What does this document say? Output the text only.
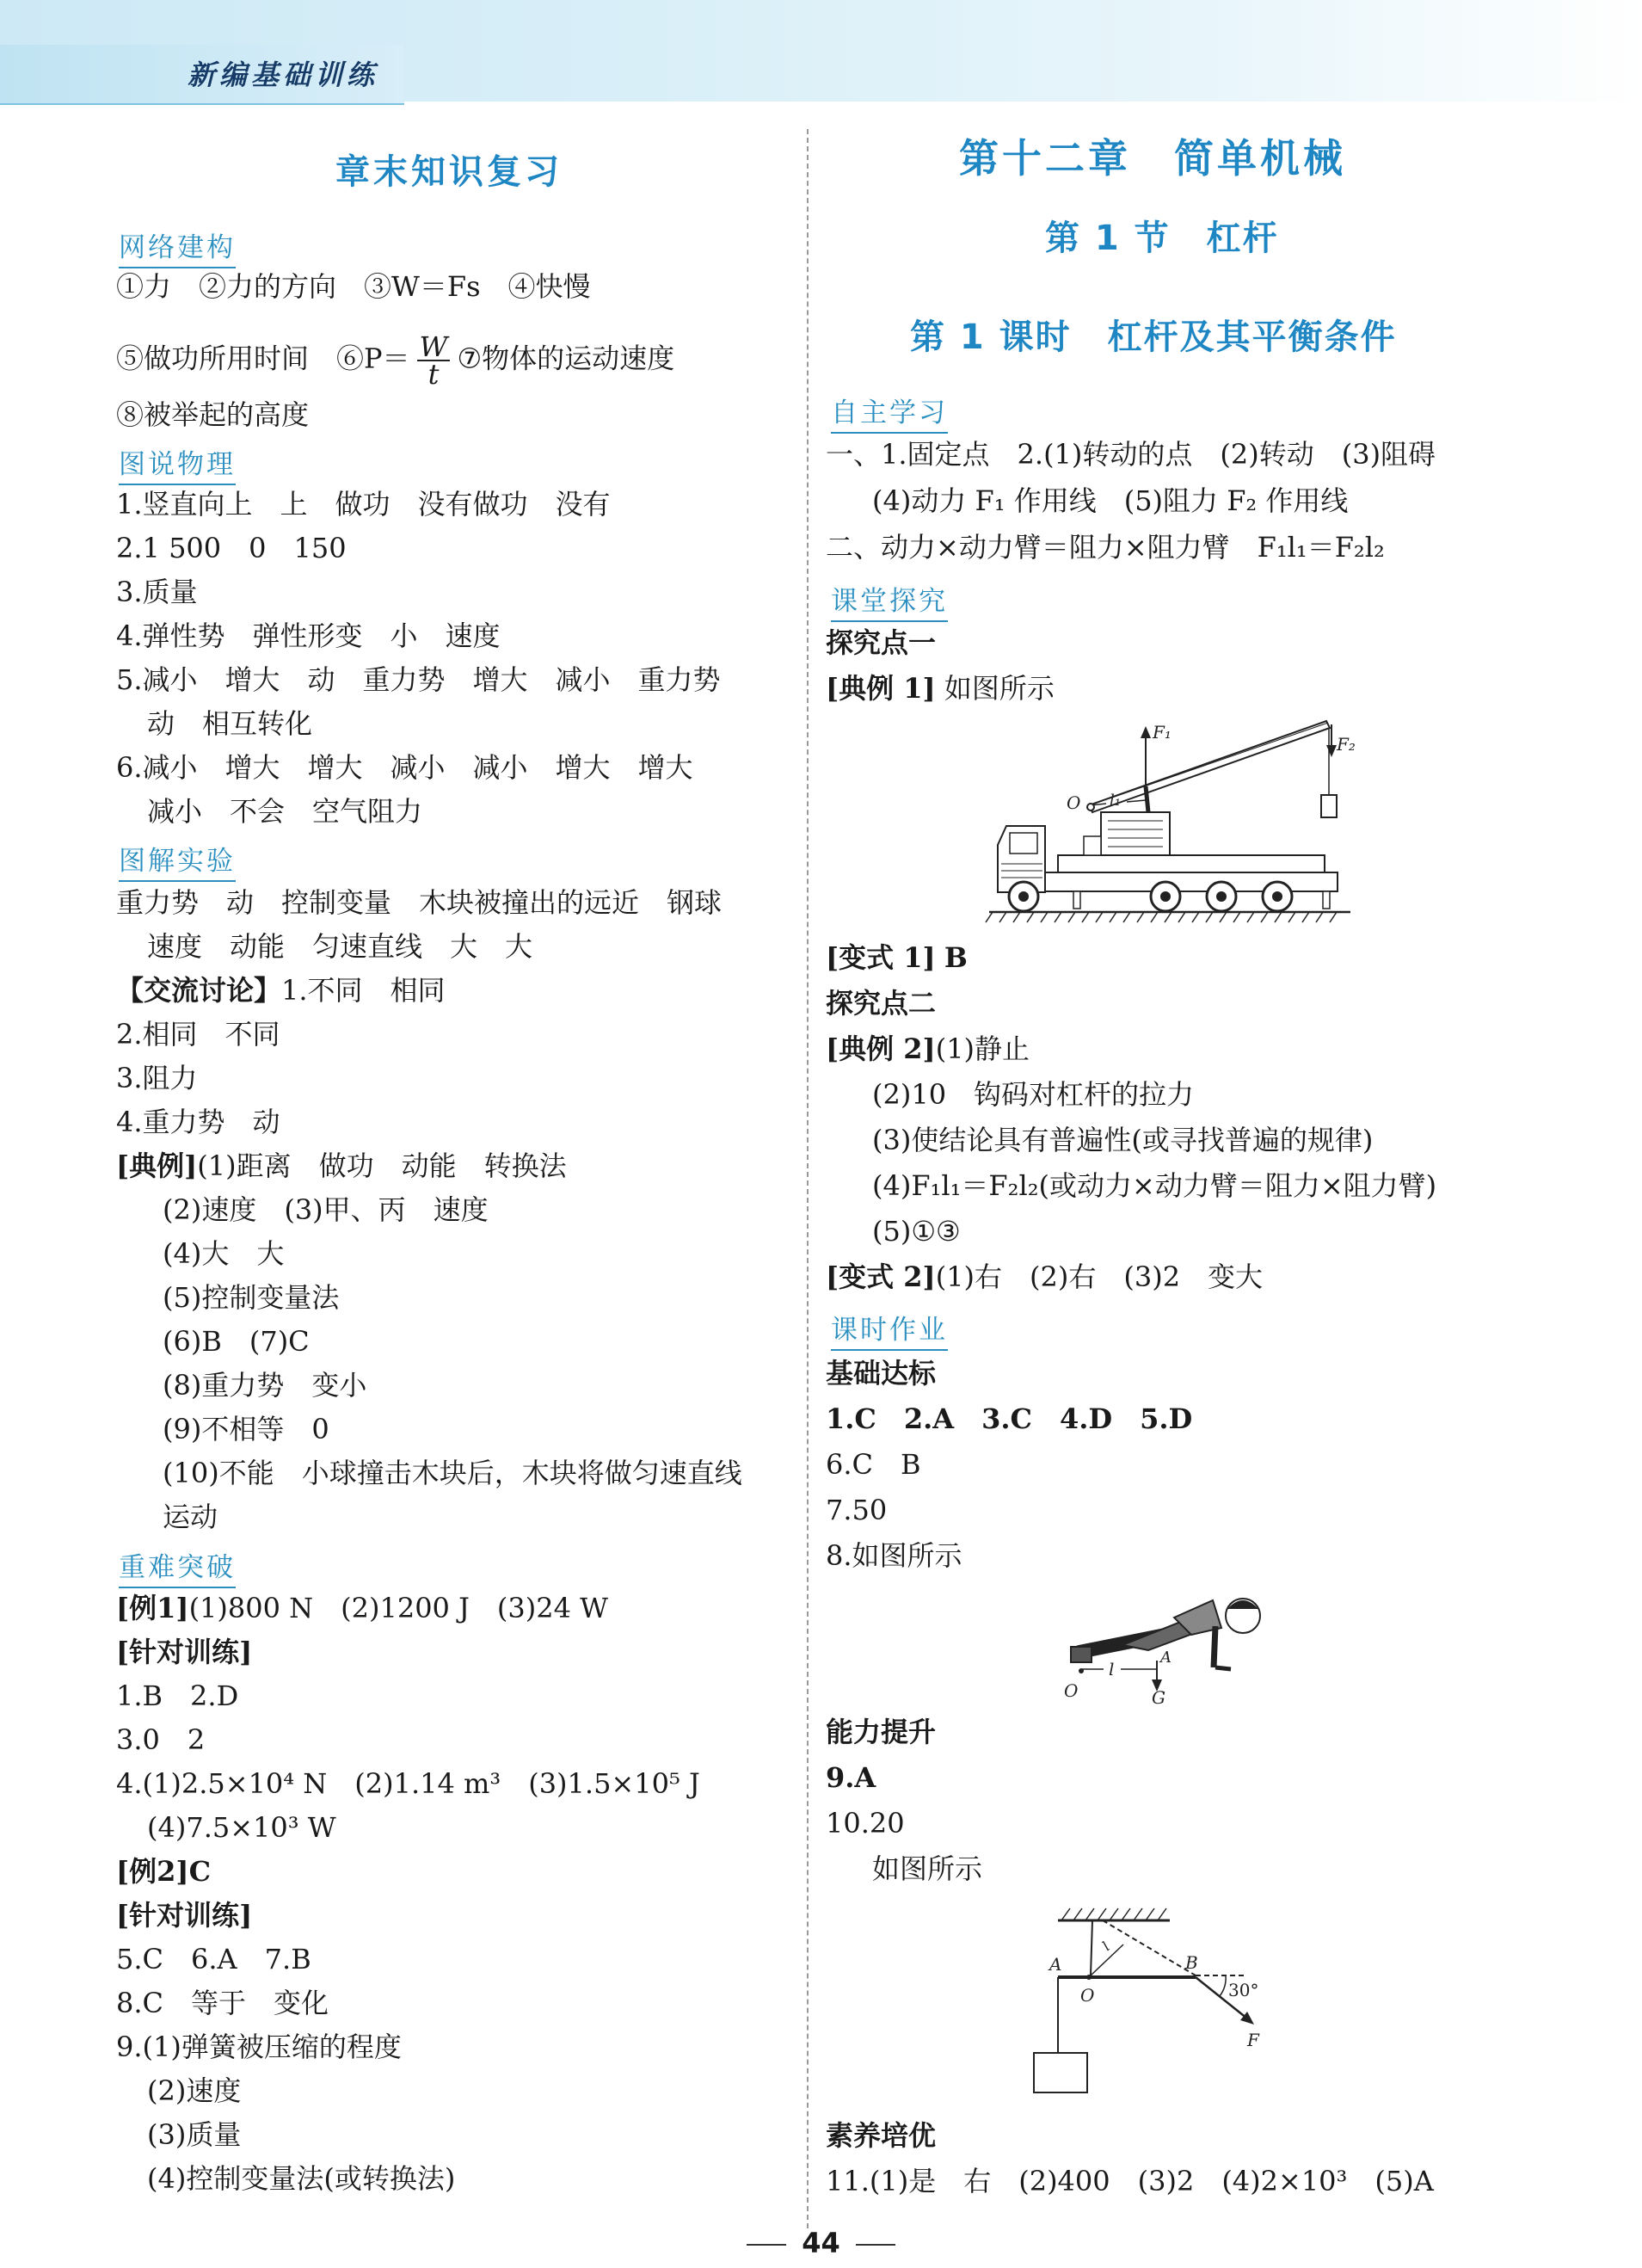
新编基础训练
章末知识复习
网络建构
①力　②力的方向　③W＝Fs　④快慢
⑤做功所用时间　⑥P＝ $\frac{W}{t}$ ⑦物体的运动速度
⑧被举起的高度
图说物理
1.竖直向上　上　做功　没有做功　没有
2.1 500　0　150
3.质量
4.弹性势　弹性形变　小　速度
5.减小　增大　动　重力势　增大　减小　重力势
动　相互转化
6.减小　增大　增大　减小　减小　增大　增大
减小　不会　空气阻力
图解实验
重力势　动　控制变量　木块被撞出的远近　钢球
速度　动能　匀速直线　大　大
【交流讨论】1.不同　相同
2.相同　不同
3.阻力
4.重力势　动
[典例](1)距离　做功　动能　转换法
(2)速度　(3)甲、丙　速度
(4)大　大
(5)控制变量法
(6)B　(7)C
(8)重力势　变小
(9)不相等　0
(10)不能　小球撞击木块后，木块将做匀速直线
运动
重难突破
[例1](1)800 N　(2)1200 J　(3)24 W
[针对训练]
1.B　2.D
3.0　2
4.(1)2.5×10⁴ N　(2)1.14 m³　(3)1.5×10⁵ J
(4)7.5×10³ W
[例2]C
[针对训练]
5.C　6.A　7.B
8.C　等于　变化
9.(1)弹簧被压缩的程度
(2)速度
(3)质量
(4)控制变量法(或转换法)
第十二章　简单机械
第 1 节　杠杆
第 1 课时　杠杆及其平衡条件
自主学习
一、1.固定点　2.(1)转动的点　(2)转动　(3)阻碍
(4)动力 F₁ 作用线　(5)阻力 F₂ 作用线
二、动力×动力臂＝阻力×阻力臂　F₁l₁＝F₂l₂
课堂探究
探究点一
[典例 1] 如图所示
F₁
l₁
O
F₂
[变式 1] B
探究点二
[典例 2](1)静止
(2)10　钩码对杠杆的拉力
(3)使结论具有普遍性(或寻找普遍的规律)
(4)F₁l₁＝F₂l₂(或动力×动力臂＝阻力×阻力臂)
(5)①③
[变式 2](1)右　(2)右　(3)2　变大
课时作业
基础达标
1.C　2.A　3.C　4.D　5.D
6.C　B
7.50
8.如图所示
l
A
G
O
能力提升
9.A
10.20
如图所示
l
30°
A
O
B
F
素养培优
11.(1)是　右　(2)400　(3)2　(4)2×10³　(5)A
44
